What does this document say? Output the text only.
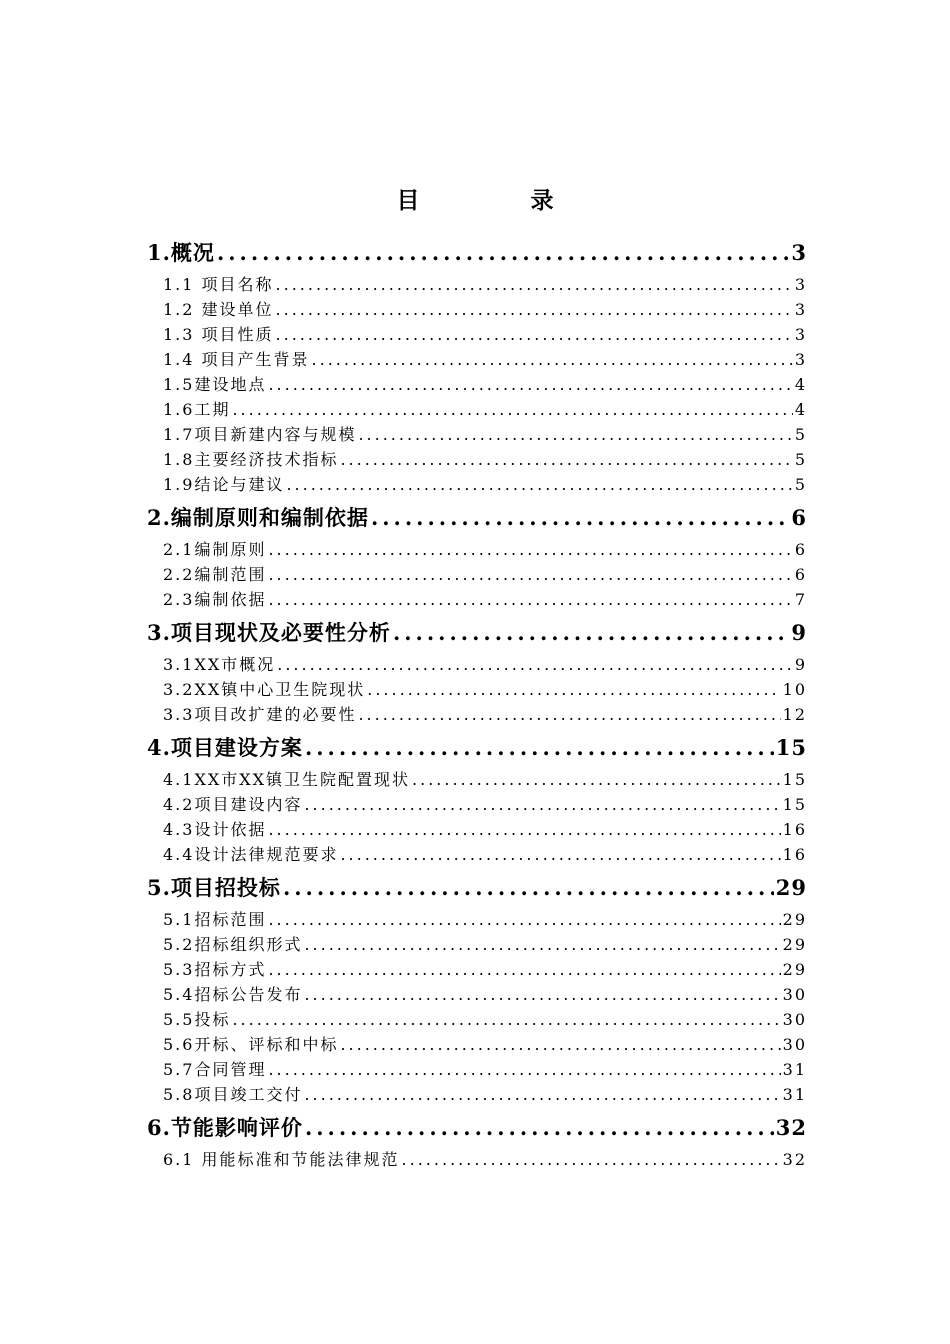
目　录
1.概况 .....	3
1.1 项目名称 .....	3
1.2 建设单位 .....	3
1.3 项目性质 .....	3
1.4 项目产生背景 .....	3
1.5建设地点 .....	4
1.6工期 .....	4
1.7项目新建内容与规模 .....	5
1.8主要经济技术指标 .....	5
1.9结论与建议 .....	5
2.编制原则和编制依据 .....	6
2.1编制原则 .....	6
2.2编制范围 .....	6
2.3编制依据 .....	7
3.项目现状及必要性分析 .....	9
3.1XX市概况 .....	9
3.2XX镇中心卫生院现状 .....	10
3.3项目改扩建的必要性 .....	12
4.项目建设方案 .....	15
4.1XX市XX镇卫生院配置现状 .....	15
4.2项目建设内容 .....	15
4.3设计依据 .....	16
4.4设计法律规范要求 .....	16
5.项目招投标 .....	29
5.1招标范围 .....	29
5.2招标组织形式 .....	29
5.3招标方式 .....	29
5.4招标公告发布 .....	30
5.5投标 .....	30
5.6开标、评标和中标 .....	30
5.7合同管理 .....	31
5.8项目竣工交付 .....	31
6.节能影响评价 .....	32
6.1 用能标准和节能法律规范 .....	32
